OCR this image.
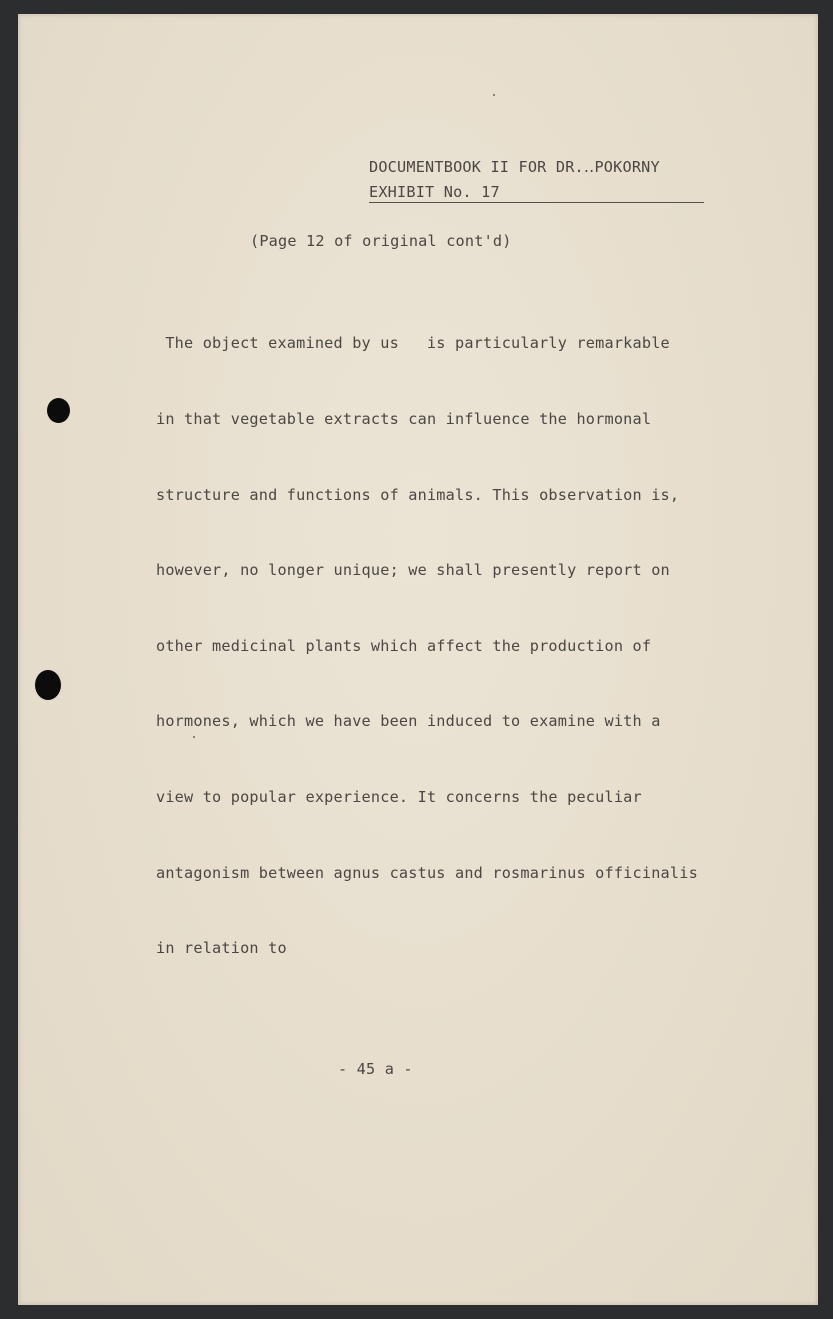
DOCUMENTBOOK II FOR DR.․․POKORNY
EXHIBIT No. 17
(Page 12 of original cont'd)

The object examined by us   is particularly remarkable

in that vegetable extracts can influence the hormonal

structure and functions of animals. This observation is,

however, no longer unique; we shall presently report on

other medicinal plants which affect the production of

hormones, which we have been induced to examine with a

view to popular experience. It concerns the peculiar

antagonism between agnus castus and rosmarinus officinalis

in relation to

- 45 a -
